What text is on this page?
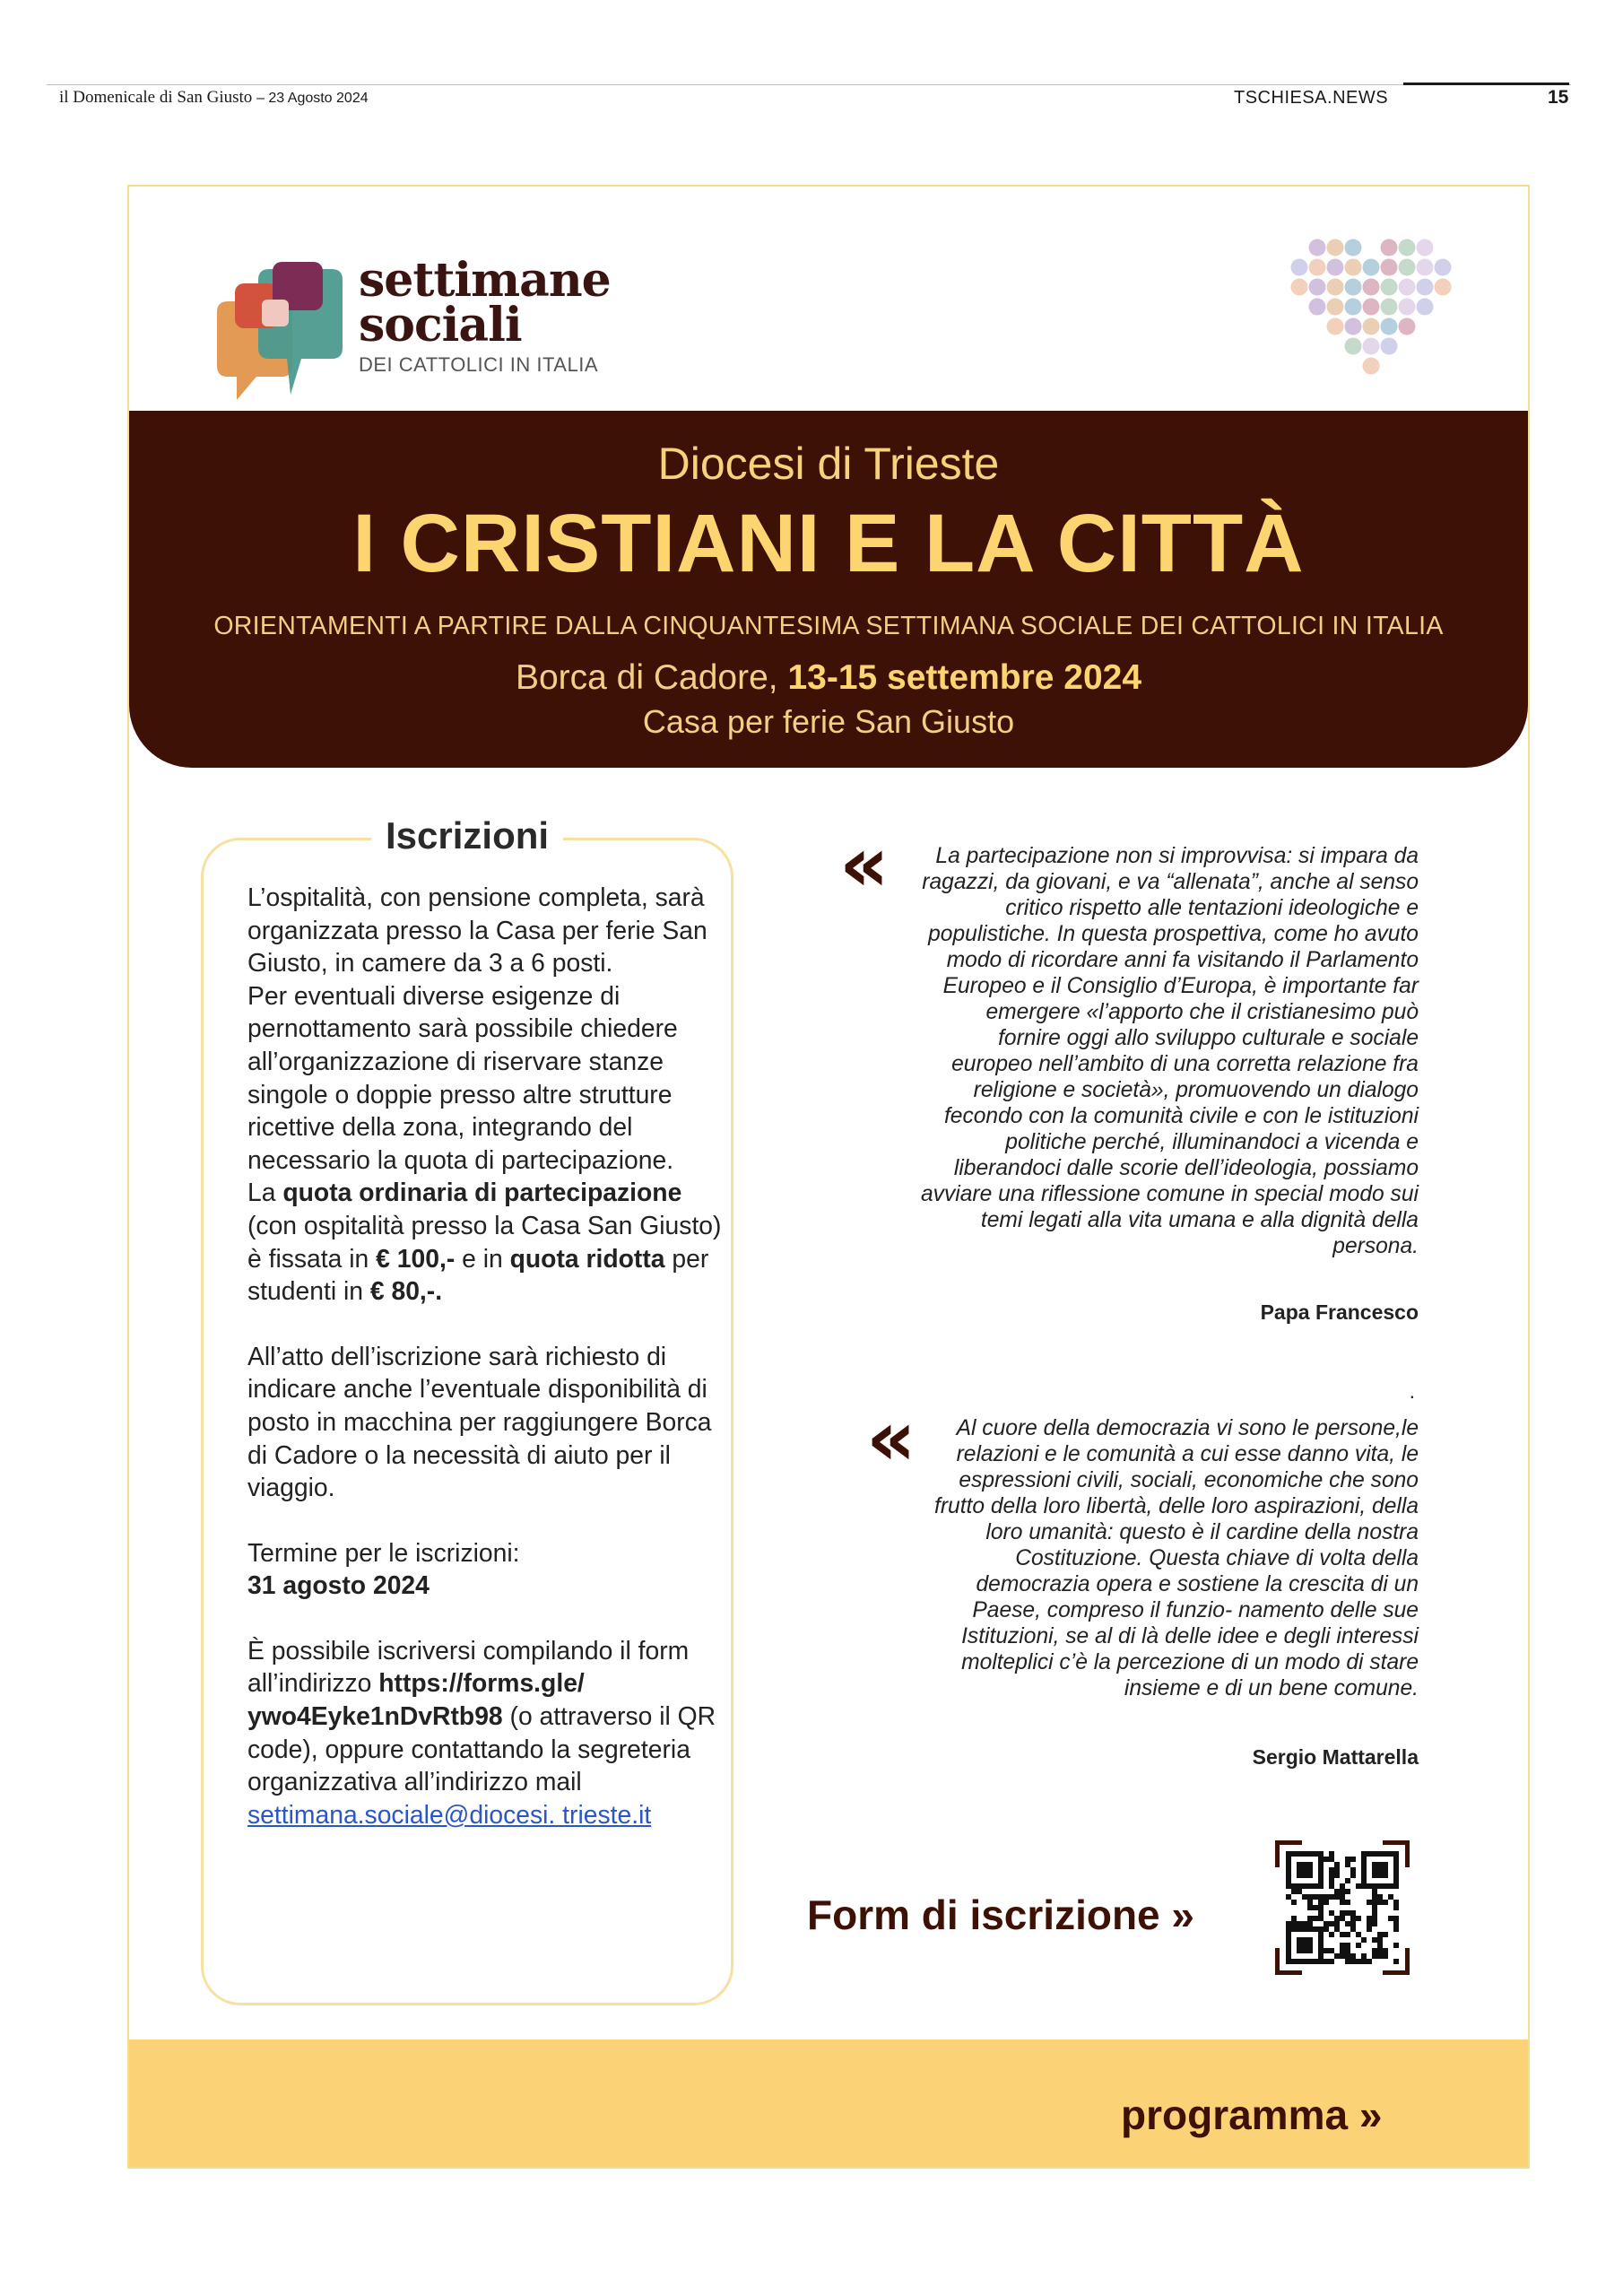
il Domenicale di San Giusto – 23 Agosto 2024	TSCHIESA.NEWS	15
settimane
sociali
DEI CATTOLICI IN ITALIA
Diocesi di Trieste
I CRISTIANI E LA CITTÀ
ORIENTAMENTI A PARTIRE DALLA CINQUANTESIMA SETTIMANA SOCIALE DEI CATTOLICI IN ITALIA
Borca di Cadore, 13-15 settembre 2024
Casa per ferie San Giusto
Iscrizioni

L’ospitalità, con pensione completa, sarà organizzata presso la Casa per ferie San Giusto, in camere da 3 a 6 posti.

Per eventuali diverse esigenze di pernottamento sarà possibile chiedere all’organizzazione di riservare stanze singole o doppie presso altre strutture ricettive della zona, integrando del necessario la quota di partecipazione.

La quota ordinaria di partecipazione (con ospitalità presso la Casa San Giusto) è fissata in € 100,- e in quota ridotta per studenti in € 80,-.

All’atto dell’iscrizione sarà richiesto di indicare anche l’eventuale disponibilità di posto in macchina per raggiungere Borca di Cadore o la necessità di aiuto per il viaggio.

Termine per le iscrizioni:

31 agosto 2024

È possibile iscriversi compilando il form all’indirizzo https://forms.gle/ ywo4Eyke1nDvRtb98 (o attraverso il QR code), oppure contattando la segreteria organizzativa all’indirizzo mail settimana.sociale@diocesi. trieste.it

«	La partecipazione non si improvvisa: si impara da
ragazzi, da giovani, e va “allenata”, anche al senso
critico rispetto alle tentazioni ideologiche e
populistiche. In questa prospettiva, come ho avuto
modo di ricordare anni fa visitando il Parlamento
Europeo e il Consiglio d’Europa, è importante far
emergere «l’apporto che il cristianesimo può
fornire oggi allo sviluppo culturale e sociale
europeo nell’ambito di una corretta relazione fra
religione e società», promuovendo un dialogo
fecondo con la comunità civile e con le istituzioni
politiche perché, illuminandoci a vicenda e
liberandoci dalle scorie dell’ideologia, possiamo
avviare una riflessione comune in special modo sui
temi legati alla vita umana e alla dignità della
persona.
Papa Francesco
.
«	Al cuore della democrazia vi sono le persone,le
relazioni e le comunità a cui esse danno vita, le
espressioni civili, sociali, economiche che sono
frutto della loro libertà, delle loro aspirazioni, della
loro umanità: questo è il cardine della nostra
Costituzione. Questa chiave di volta della
democrazia opera e sostiene la crescita di un
Paese, compreso il funzio- namento delle sue
Istituzioni, se al di là delle idee e degli interessi
molteplici c’è la percezione di un modo di stare
insieme e di un bene comune.
Sergio Mattarella
Form di iscrizione »
programma »
